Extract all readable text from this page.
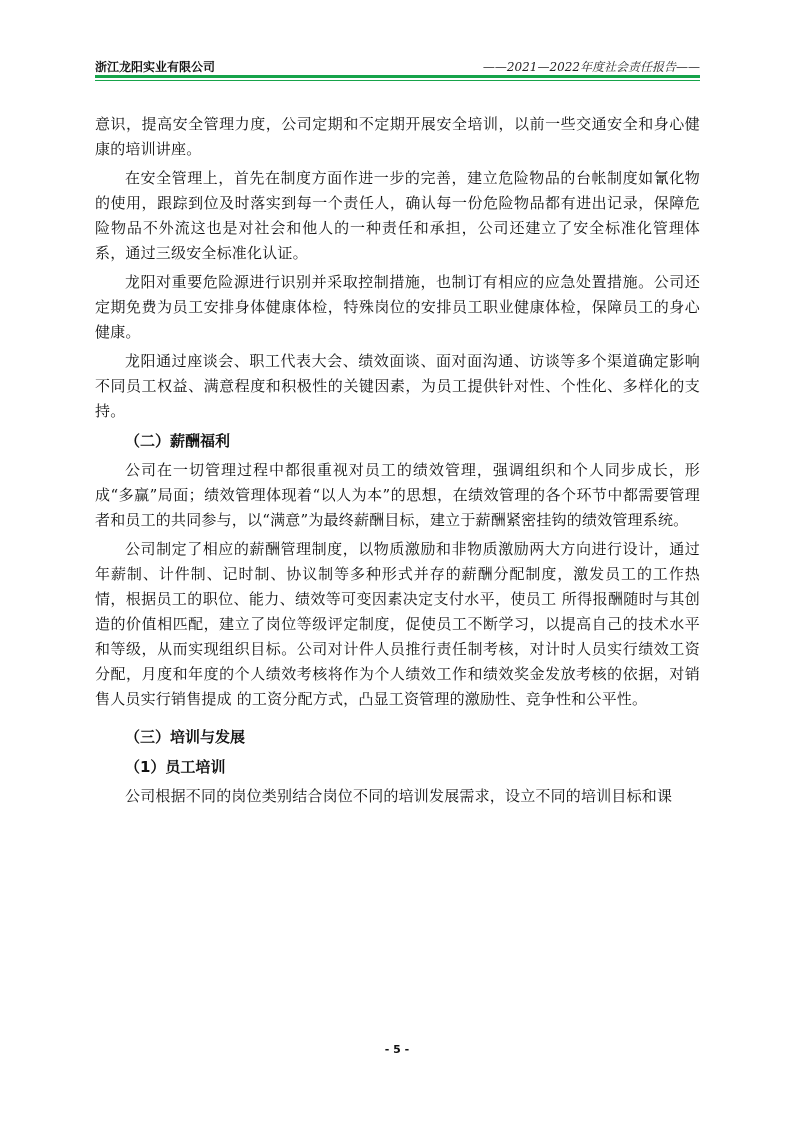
浙江龙阳实业有限公司	——2021—2022年度社会责任报告——

意识，提高安全管理力度，公司定期和不定期开展安全培训，以前一些交通安全和身心健康的培训讲座。

在安全管理上，首先在制度方面作进一步的完善，建立危险物品的台帐制度如氰化物的使用，跟踪到位及时落实到每一个责任人，确认每一份危险物品都有进出记录，保障危险物品不外流这也是对社会和他人的一种责任和承担，公司还建立了安全标准化管理体系，通过三级安全标准化认证。

龙阳对重要危险源进行识别并采取控制措施，也制订有相应的应急处置措施。公司还定期免费为员工安排身体健康体检，特殊岗位的安排员工职业健康体检，保障员工的身心健康。

龙阳通过座谈会、职工代表大会、绩效面谈、面对面沟通、访谈等多个渠道确定影响不同员工权益、满意程度和积极性的关键因素，为员工提供针对性、个性化、多样化的支持。

（二）薪酬福利

公司在一切管理过程中都很重视对员工的绩效管理，强调组织和个人同步成长，形成“多赢”局面；绩效管理体现着“以人为本”的思想，在绩效管理的各个环节中都需要管理者和员工的共同参与，以“满意”为最终薪酬目标，建立于薪酬紧密挂钩的绩效管理系统。

公司制定了相应的薪酬管理制度，以物质激励和非物质激励两大方向进行设计，通过年薪制、计件制、记时制、协议制等多种形式并存的薪酬分配制度，激发员工的工作热情，根据员工的职位、能力、绩效等可变因素决定支付水平，使员工 所得报酬随时与其创造的价值相匹配，建立了岗位等级评定制度，促使员工不断学习，以提高自己的技术水平和等级，从而实现组织目标。公司对计件人员推行责任制考核，对计时人员实行绩效工资分配，月度和年度的个人绩效考核将作为个人绩效工作和绩效奖金发放考核的依据，对销售人员实行销售提成 的工资分配方式，凸显工资管理的激励性、竞争性和公平性。

（三）培训与发展
（1）员工培训

公司根据不同的岗位类别结合岗位不同的培训发展需求，设立不同的培训目标和课

- 5 -
